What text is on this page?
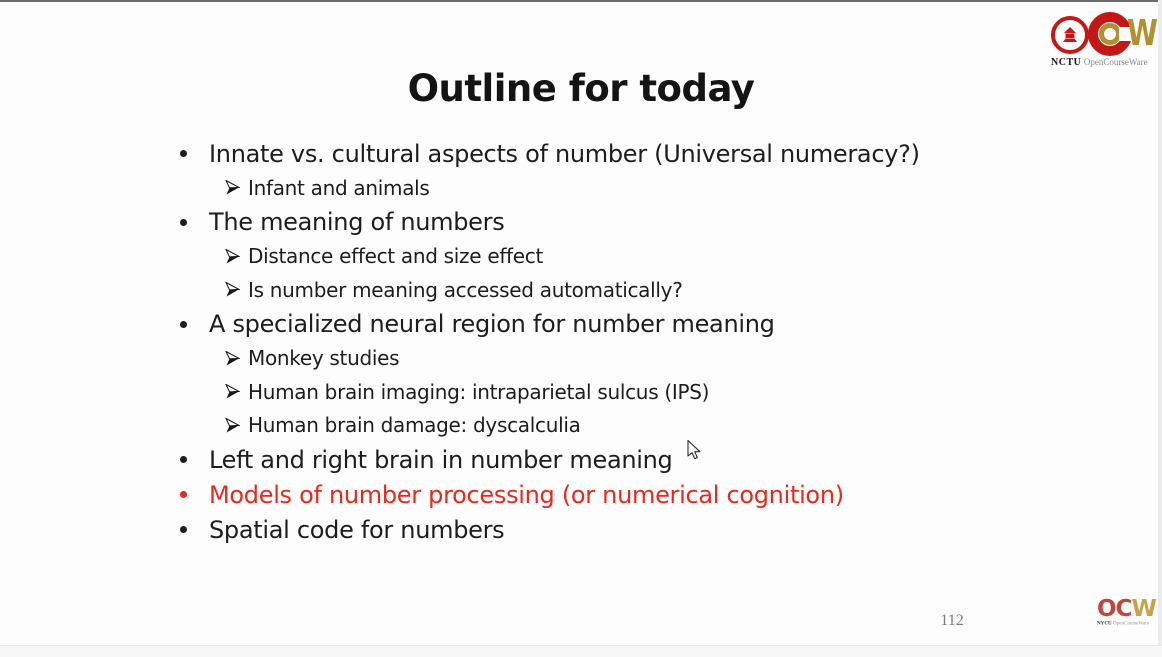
Outline for today
W
NCTU OpenCourseWare
Innate vs. cultural aspects of number (Universal numeracy?)
Infant and animals
The meaning of numbers
Distance effect and size effect
Is number meaning accessed automatically?
A specialized neural region for number meaning
Monkey studies
Human brain imaging: intraparietal sulcus (IPS)
Human brain damage: dyscalculia
Left and right brain in number meaning
Models of number processing (or numerical cognition)
Spatial code for numbers
112	OCW
NYCU OpenCourseWare
